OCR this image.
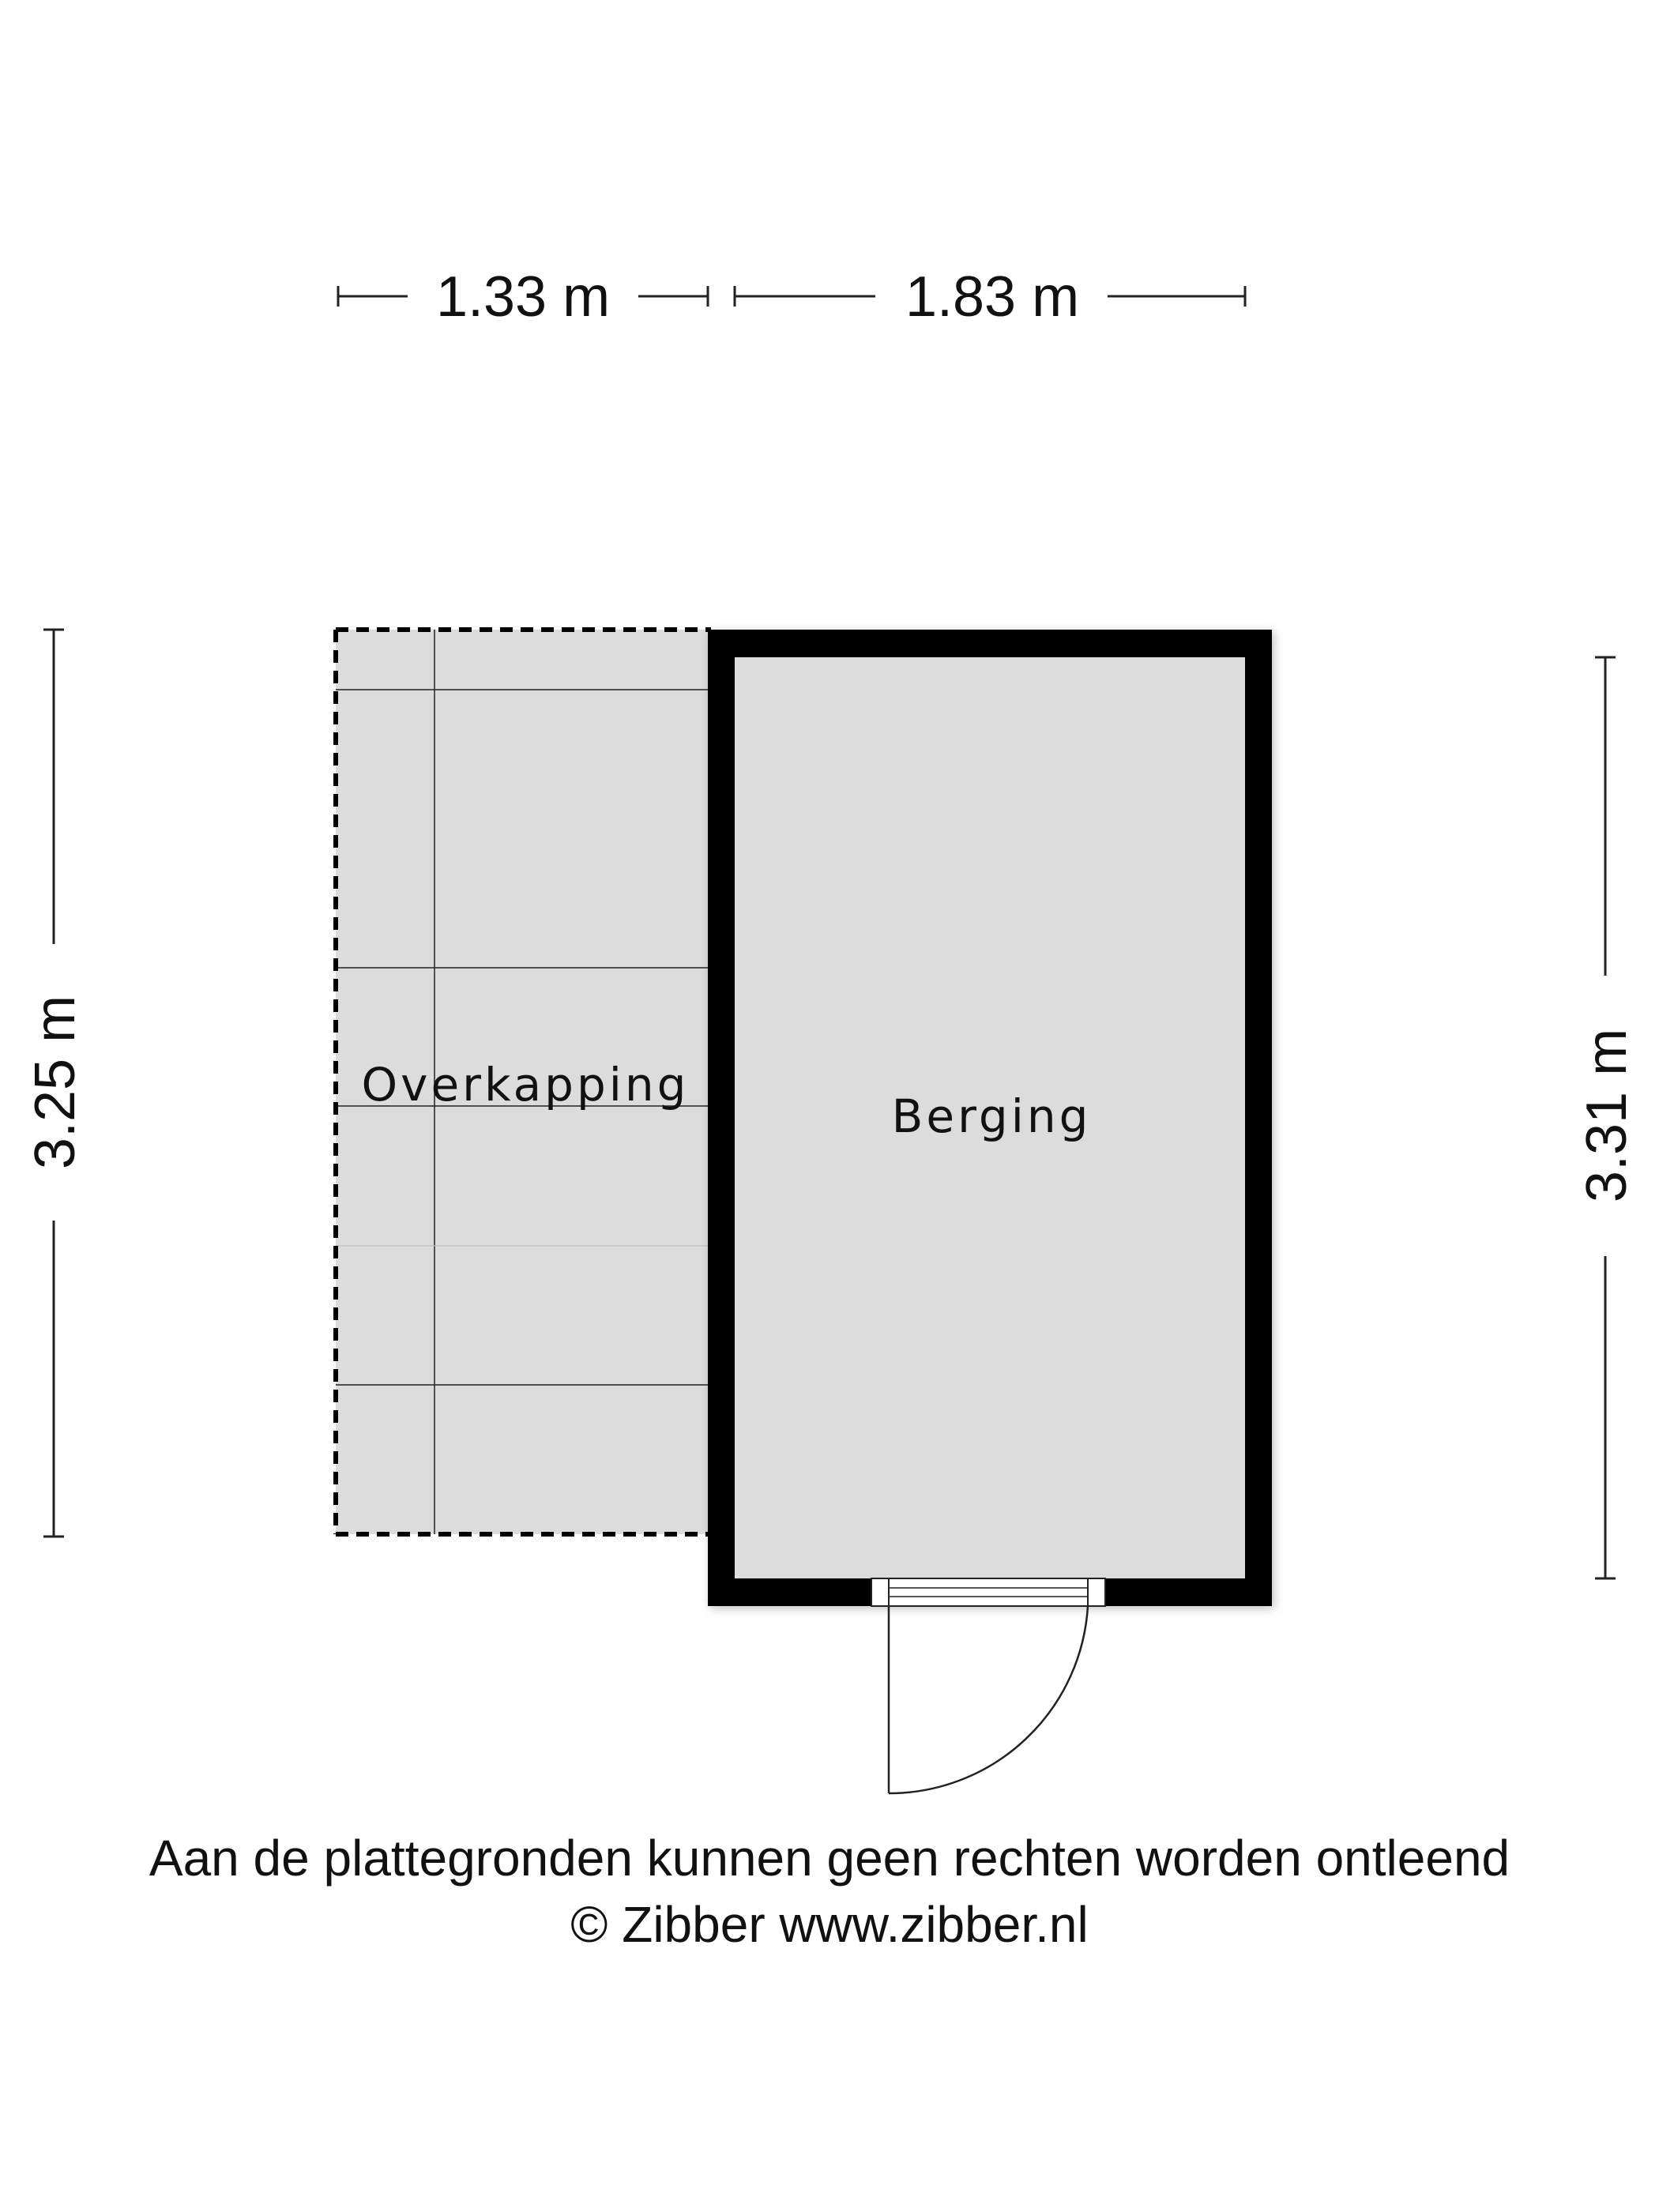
1.33 m	1.83 m
3.25 m	3.31 m
Overkapping
Berging
Aan de plattegronden kunnen geen rechten worden ontleend
© Zibber www.zibber.nl
